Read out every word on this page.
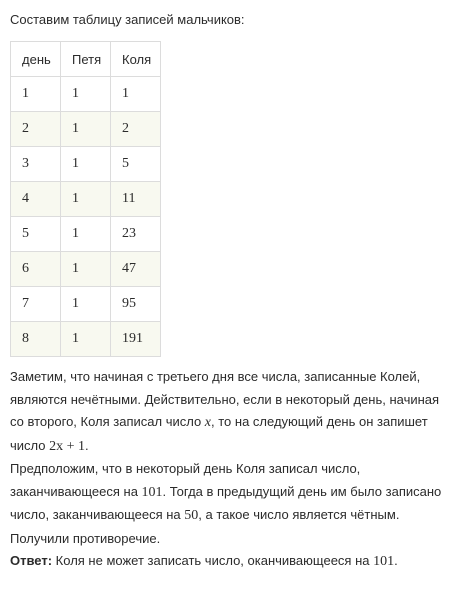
Составим таблицу записей мальчиков:
день	Петя	Коля
1	1	1
2	1	2
3	1	5
4	1	11
5	1	23
6	1	47
7	1	95
8	1	191

Заметим, что начиная с третьего дня все числа, записанные Колей, являются нечётными. Действительно, если в некоторый день, начиная со второго, Коля записал число x, то на следующий день он запишет число 2x + 1.

Предположим, что в некоторый день Коля записал число, заканчивающееся на 101. Тогда в предыдущий день им было записано число, заканчивающееся на 50, а такое число является чётным. Получили противоречие.

Ответ: Коля не может записать число, оканчивающееся на 101.
